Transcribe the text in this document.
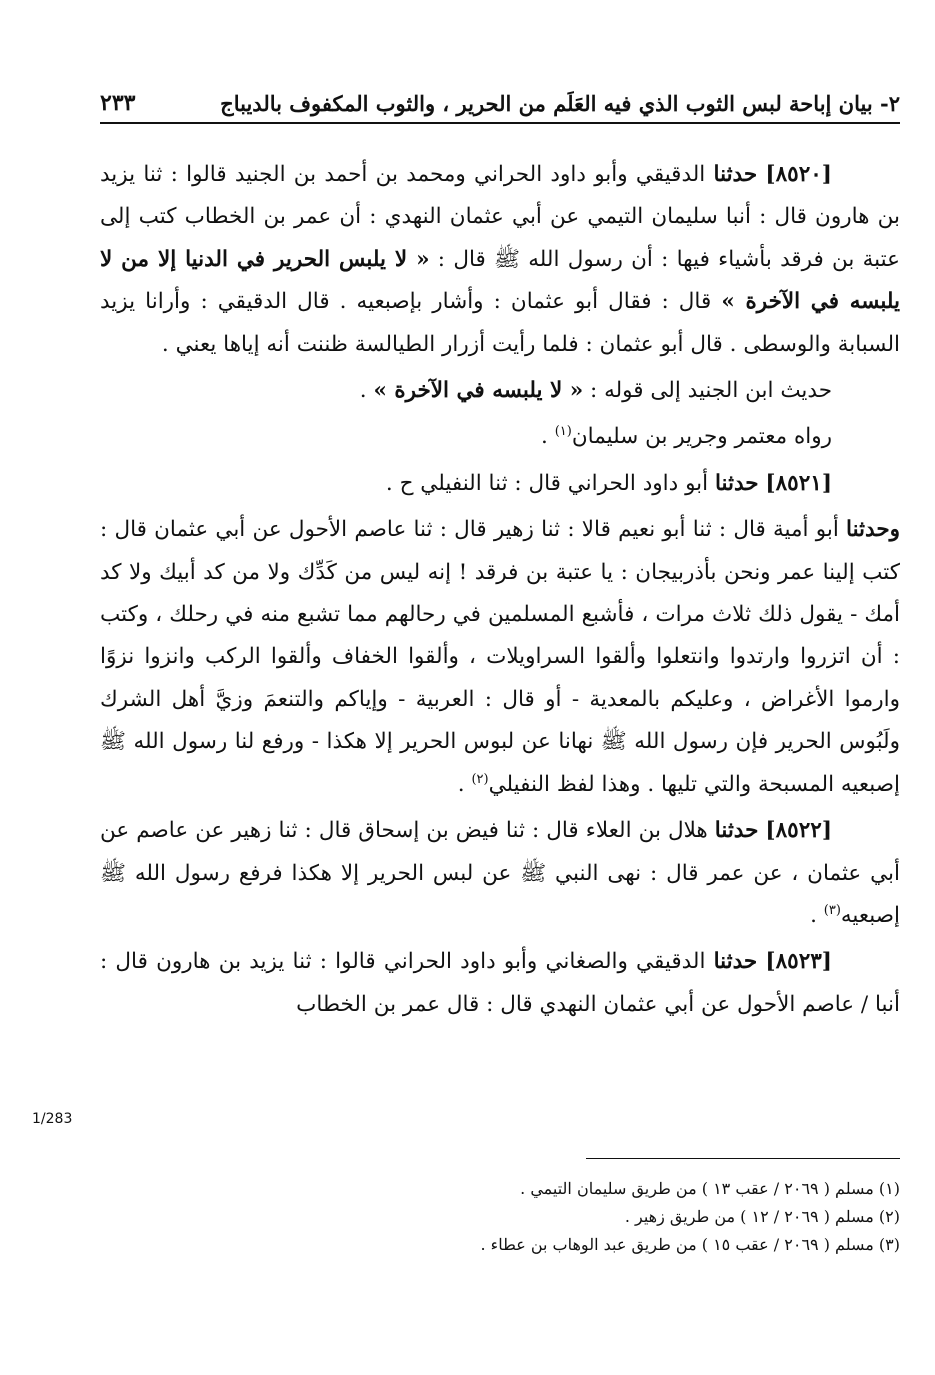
٢- بيان إباحة لبس الثوب الذي فيه العَلَم من الحرير ، والثوب المكفوف بالديباج
٢٣٣

[٨٥٢٠] حدثنا الدقيقي وأبو داود الحراني ومحمد بن أحمد بن الجنيد قالوا : ثنا يزيد بن هارون قال : أنبا سليمان التيمي عن أبي عثمان النهدي : أن عمر بن الخطاب كتب إلى عتبة بن فرقد بأشياء فيها : أن رسول الله ﷺ قال : « لا يلبس الحرير في الدنيا إلا من لا يلبسه في الآخرة » قال : فقال أبو عثمان : وأشار بإصبعيه . قال الدقيقي : وأرانا يزيد السبابة والوسطى . قال أبو عثمان : فلما رأيت أزرار الطيالسة ظننت أنه إياها يعني .

حديث ابن الجنيد إلى قوله : « لا يلبسه في الآخرة » .

رواه معتمر وجرير بن سليمان$^{(١)}$ .

[٨٥٢١] حدثنا أبو داود الحراني قال : ثنا النفيلي ح .

وحدثنا أبو أمية قال : ثنا أبو نعيم قالا : ثنا زهير قال : ثنا عاصم الأحول عن أبي عثمان قال : كتب إلينا عمر ونحن بأذربيجان : يا عتبة بن فرقد ! إنه ليس من كَدِّك ولا من كد أبيك ولا كد أمك - يقول ذلك ثلاث مرات ، فأشبع المسلمين في رحالهم مما تشبع منه في رحلك ، وكتب : أن اتزروا وارتدوا وانتعلوا وألقوا السراويلات ، وألقوا الخفاف وألقوا الركب وانزوا نزوًا وارموا الأغراض ، وعليكم بالمعدية - أو قال : العربية - وإياكم والتنعمَ وزيَّ أهل الشرك ولَبُوس الحرير فإن رسول الله ﷺ نهانا عن لبوس الحرير إلا هكذا - ورفع لنا رسول الله ﷺ إصبعيه المسبحة والتي تليها . وهذا لفظ النفيلي$^{(٢)}$ .

[٨٥٢٢] حدثنا هلال بن العلاء قال : ثنا فيض بن إسحاق قال : ثنا زهير عن عاصم عن أبي عثمان ، عن عمر قال : نهى النبي ﷺ عن لبس الحرير إلا هكذا فرفع رسول الله ﷺ إصبعيه$^{(٣)}$ .

[٨٥٢٣] حدثنا الدقيقي والصغاني وأبو داود الحراني قالوا : ثنا يزيد بن هارون قال : أنبا / عاصم الأحول عن أبي عثمان النهدي قال : قال عمر بن الخطاب

1/283

(١) مسلم ( ٢٠٦٩ / عقب ١٣ ) من طريق سليمان التيمي .

(٢) مسلم ( ٢٠٦٩ / ١٢ ) من طريق زهير .

(٣) مسلم ( ٢٠٦٩ / عقب ١٥ ) من طريق عبد الوهاب بن عطاء .
